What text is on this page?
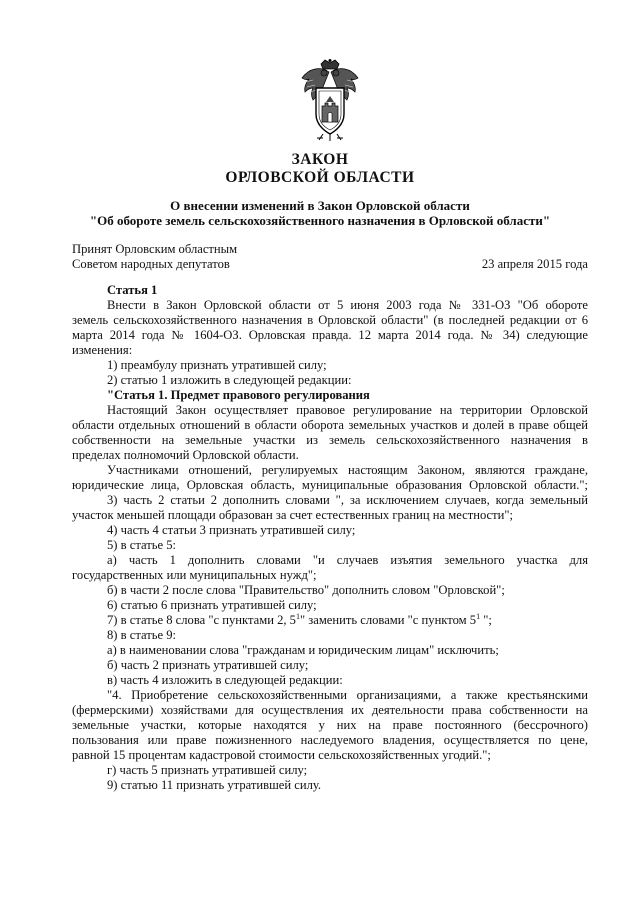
ЗАКОН
ОРЛОВСКОЙ ОБЛАСТИ
О внесении изменений в Закон Орловской области
"Об обороте земель сельскохозяйственного назначения в Орловской области"
Принят Орловским областным
Советом народных депутатов	23 апреля 2015 года
Статья 1
Внести в Закон Орловской области от 5 июня 2003 года № 331-ОЗ "Об обороте
земель сельскохозяйственного назначения в Орловской области" (в последней редакции от 6
марта 2014 года № 1604-ОЗ. Орловская правда. 12 марта 2014 года. № 34) следующие
изменения:
1) преамбулу признать утратившей силу;
2) статью 1 изложить в следующей редакции:
"Статья 1. Предмет правового регулирования
Настоящий Закон осуществляет правовое регулирование на территории Орловской
области отдельных отношений в области оборота земельных участков и долей в праве общей
собственности на земельные участки из земель сельскохозяйственного назначения в
пределах полномочий Орловской области.
Участниками отношений, регулируемых настоящим Законом, являются граждане,
юридические лица, Орловская область, муниципальные образования Орловской области.";
3) часть 2 статьи 2 дополнить словами ", за исключением случаев, когда земельный
участок меньшей площади образован за счет естественных границ на местности";
4) часть 4 статьи 3 признать утратившей силу;
5) в статье 5:
а) часть 1 дополнить словами "и случаев изъятия земельного участка для
государственных или муниципальных нужд";
б) в части 2 после слова "Правительство" дополнить словом "Орловской";
6) статью 6 признать утратившей силу;
7) в статье 8 слова "с пунктами 2, $5^1$" заменить словами "с пунктом $5^1$ ";
8) в статье 9:
а) в наименовании слова "гражданам и юридическим лицам" исключить;
б) часть 2 признать утратившей силу;
в) часть 4 изложить в следующей редакции:
"4. Приобретение сельскохозяйственными организациями, а также крестьянскими
(фермерскими) хозяйствами для осуществления их деятельности права собственности на
земельные участки, которые находятся у них на праве постоянного (бессрочного)
пользования или праве пожизненного наследуемого владения, осуществляется по цене,
равной 15 процентам кадастровой стоимости сельскохозяйственных угодий.";
г) часть 5 признать утратившей силу;
9) статью 11 признать утратившей силу.
